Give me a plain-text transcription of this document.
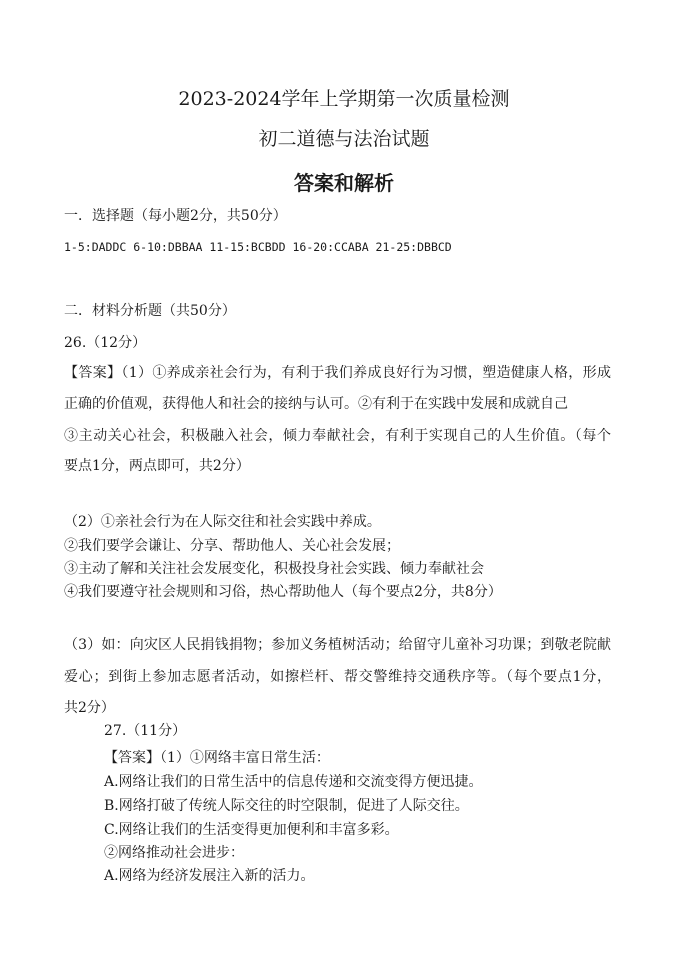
2023-2024学年上学期第一次质量检测
初二道德与法治试题
答案和解析
一．选择题（每小题2分，共50分）
1-5:DADDC 6-10:DBBAA 11-15:BCBDD 16-20:CCABA 21-25:DBBCD
二．材料分析题（共50分）
26.（12分）
【答案】（1）①养成亲社会行为，有利于我们养成良好行为习惯，塑造健康人格，形成
正确的价值观，获得他人和社会的接纳与认可。②有利于在实践中发展和成就自己
③主动关心社会，积极融入社会，倾力奉献社会，有利于实现自己的人生价值。（每个
要点1分，两点即可，共2分）
（2）①亲社会行为在人际交往和社会实践中养成。
②我们要学会谦让、分享、帮助他人、关心社会发展；
③主动了解和关注社会发展变化，积极投身社会实践、倾力奉献社会
④我们要遵守社会规则和习俗，热心帮助他人（每个要点2分，共8分）
（3）如：向灾区人民捐钱捐物；参加义务植树活动；给留守儿童补习功课；到敬老院献
爱心；到街上参加志愿者活动，如擦栏杆、帮交警维持交通秩序等。（每个要点1分，
共2分）
27.（11分）
【答案】（1）①网络丰富日常生活：
A.网络让我们的日常生活中的信息传递和交流变得方便迅捷。
B.网络打破了传统人际交往的时空限制，促进了人际交往。
C.网络让我们的生活变得更加便利和丰富多彩。
②网络推动社会进步：
A.网络为经济发展注入新的活力。
